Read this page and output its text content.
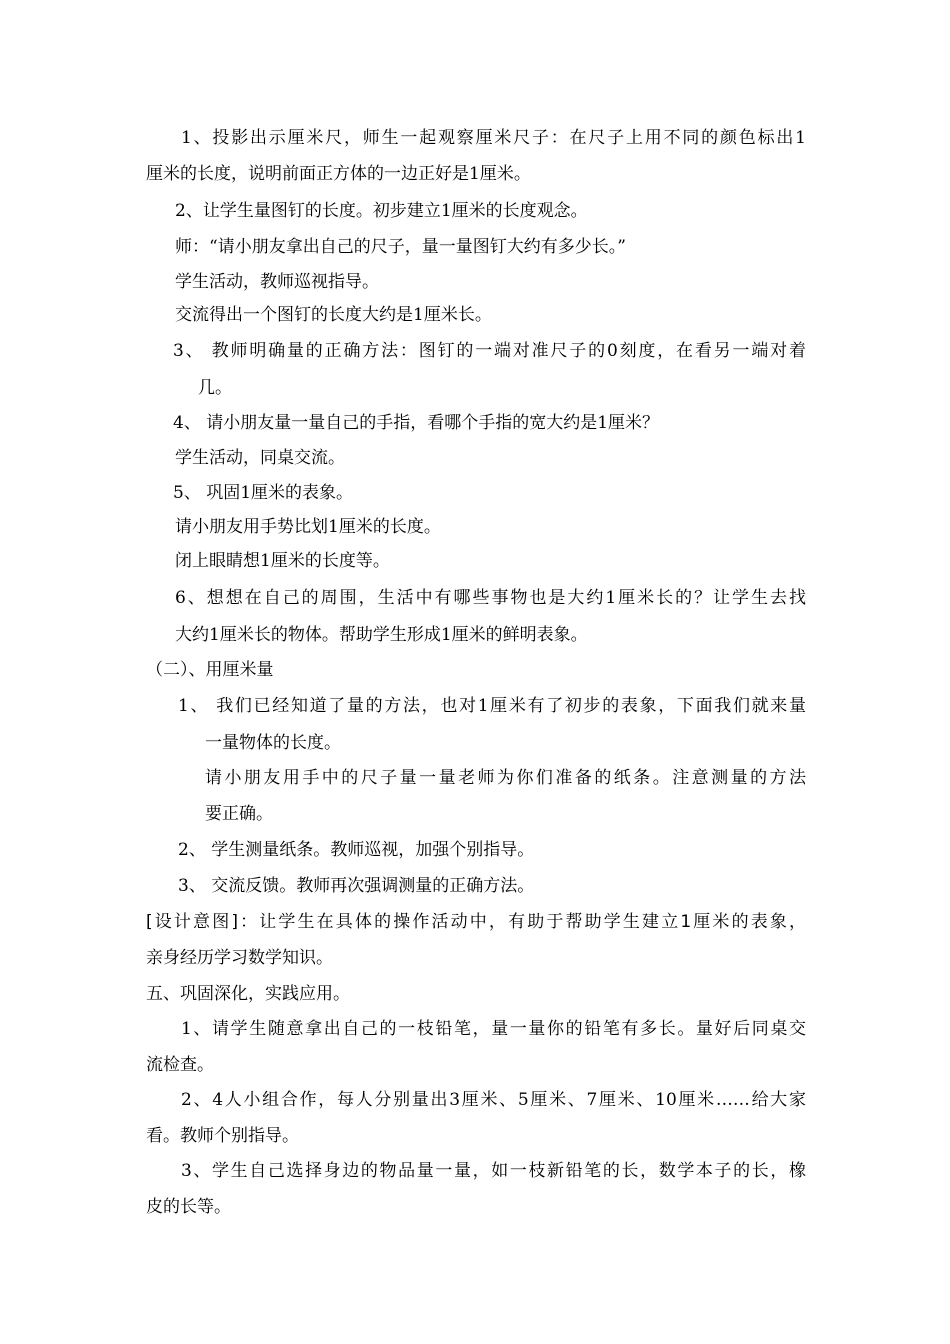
1、投影出示厘米尺，师生一起观察厘米尺子：在尺子上用不同的颜色标出1
厘米的长度，说明前面正方体的一边正好是1厘米。
2、让学生量图钉的长度。初步建立1厘米的长度观念。
师：“请小朋友拿出自己的尺子，量一量图钉大约有多少长。”
学生活动，教师巡视指导。
交流得出一个图钉的长度大约是1厘米长。
3、 教师明确量的正确方法：图钉的一端对准尺子的0刻度，在看另一端对着
几。
4、 请小朋友量一量自己的手指，看哪个手指的宽大约是1厘米？
学生活动，同桌交流。
5、 巩固1厘米的表象。
请小朋友用手势比划1厘米的长度。
闭上眼睛想1厘米的长度等。
6、想想在自己的周围，生活中有哪些事物也是大约1厘米长的？让学生去找
大约1厘米长的物体。帮助学生形成1厘米的鲜明表象。
（二）、用厘米量
1、 我们已经知道了量的方法，也对1厘米有了初步的表象，下面我们就来量
一量物体的长度。
请小朋友用手中的尺子量一量老师为你们准备的纸条。注意测量的方法
要正确。
2、 学生测量纸条。教师巡视，加强个别指导。
3、 交流反馈。教师再次强调测量的正确方法。
[设计意图]：让学生在具体的操作活动中，有助于帮助学生建立1厘米的表象，
亲身经历学习数学知识。
五、巩固深化，实践应用。
1、请学生随意拿出自己的一枝铅笔，量一量你的铅笔有多长。量好后同桌交
流检查。
2、4人小组合作，每人分别量出3厘米、5厘米、7厘米、10厘米……给大家
看。教师个别指导。
3、学生自己选择身边的物品量一量，如一枝新铅笔的长，数学本子的长，橡
皮的长等。
